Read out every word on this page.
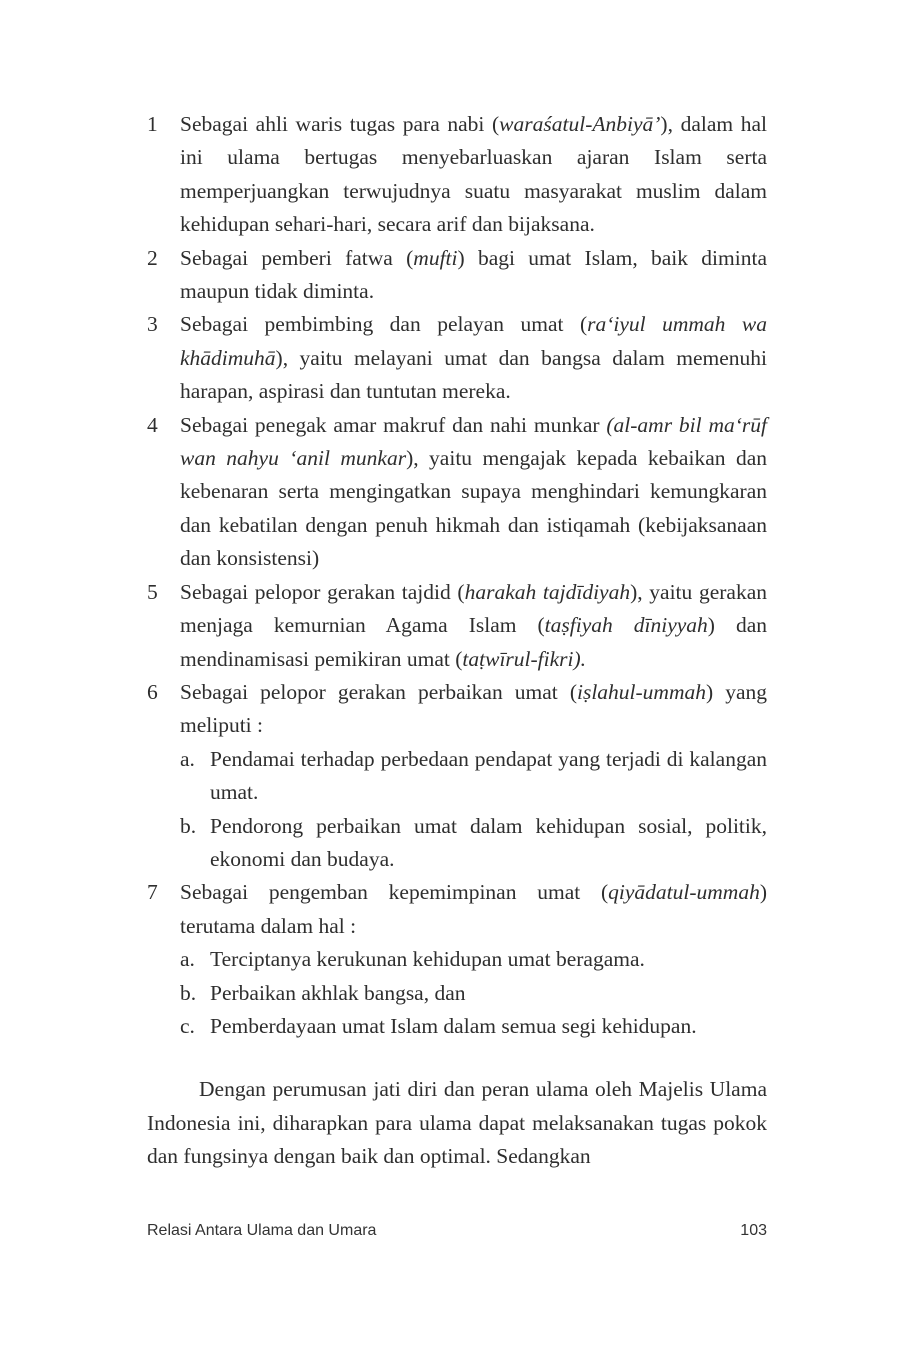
1	Sebagai ahli waris tugas para nabi (waraśatul-Anbiyā’), dalam hal ini ulama bertugas menyebarluaskan ajaran Islam serta memperjuangkan terwujudnya suatu masyarakat muslim dalam kehidupan sehari-hari, secara arif dan bijaksana.
2	Sebagai pemberi fatwa (mufti) bagi umat Islam, baik diminta maupun tidak diminta.
3	Sebagai pembimbing dan pelayan umat (ra‘iyul ummah wa khādimuhā), yaitu melayani umat dan bangsa dalam memenuhi harapan, aspirasi dan tuntutan mereka.
4	Sebagai penegak amar makruf dan nahi munkar (al-amr bil ma‘rūf wan nahyu ‘anil munkar), yaitu mengajak kepada kebaikan dan kebenaran serta mengingatkan supaya menghindari kemungkaran dan kebatilan dengan penuh hikmah dan istiqamah (kebijaksanaan dan konsistensi)
5	Sebagai pelopor gerakan tajdid (harakah tajdīdiyah), yaitu gerakan menjaga kemurnian Agama Islam (taṣfiyah dīniyyah) dan mendinamisasi pemikiran umat (taṭwīrul-fikri).
6	Sebagai pelopor gerakan perbaikan umat (iṣlahul-ummah) yang meliputi :
a. Pendamai terhadap perbedaan pendapat yang terjadi di kalangan umat.
b. Pendorong perbaikan umat dalam kehidupan sosial, politik, ekonomi dan budaya.
7	Sebagai pengemban kepemimpinan umat (qiyādatul-ummah) terutama dalam hal :
a. Terciptanya kerukunan kehidupan umat beragama.
b. Perbaikan akhlak bangsa, dan
c. Pemberdayaan umat Islam dalam semua segi kehidupan.

Dengan perumusan jati diri dan peran ulama oleh Majelis Ulama Indonesia ini, diharapkan para ulama dapat melaksanakan tugas pokok dan fungsinya dengan baik dan optimal. Sedangkan

Relasi Antara Ulama dan Umara	103
